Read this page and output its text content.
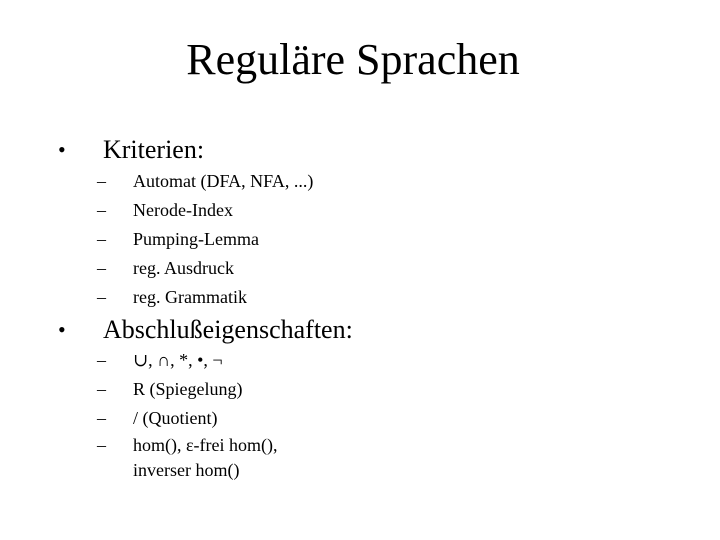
Reguläre Sprachen
• Kriterien:
– Automat (DFA, NFA, ...)
– Nerode-Index
– Pumping-Lemma
– reg. Ausdruck
– reg. Grammatik
• Abschlußeigenschaften:
– ∪, ∩, *, •, ¬
– R (Spiegelung)
– / (Quotient)
– hom(), ε-frei hom(),
inverser hom()
